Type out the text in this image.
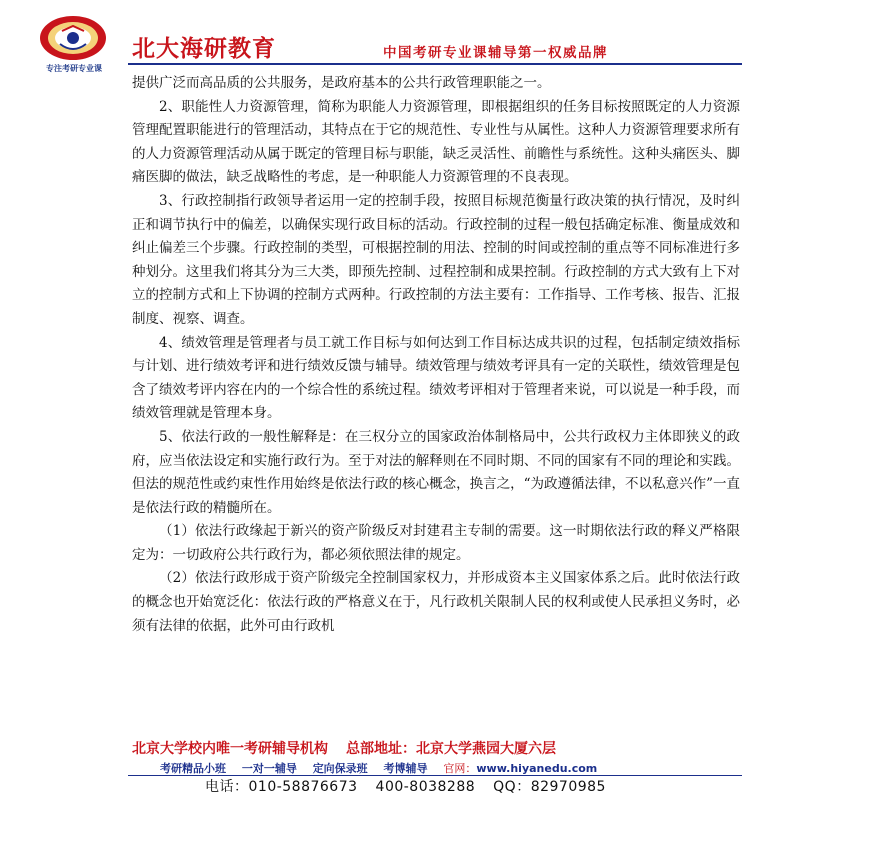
专注考研专业课
北大海研教育	中国考研专业课辅导第一权威品牌

提供广泛而高品质的公共服务，是政府基本的公共行政管理职能之一。

2、职能性人力资源管理，简称为职能人力资源管理，即根据组织的任务目标按照既定的人力资源管理配置职能进行的管理活动，其特点在于它的规范性、专业性与从属性。这种人力资源管理要求所有的人力资源管理活动从属于既定的管理目标与职能，缺乏灵活性、前瞻性与系统性。这种头痛医头、脚痛医脚的做法，缺乏战略性的考虑，是一种职能人力资源管理的不良表现。

3、行政控制指行政领导者运用一定的控制手段，按照目标规范衡量行政决策的执行情况，及时纠正和调节执行中的偏差，以确保实现行政目标的活动。行政控制的过程一般包括确定标准、衡量成效和纠止偏差三个步骤。行政控制的类型，可根据控制的用法、控制的时间或控制的重点等不同标准进行多种划分。这里我们将其分为三大类，即预先控制、过程控制和成果控制。行政控制的方式大致有上下对立的控制方式和上下协调的控制方式两种。行政控制的方法主要有：工作指导、工作考核、报告、汇报制度、视察、调查。

4、绩效管理是管理者与员工就工作目标与如何达到工作目标达成共识的过程，包括制定绩效指标与计划、进行绩效考评和进行绩效反馈与辅导。绩效管理与绩效考评具有一定的关联性，绩效管理是包含了绩效考评内容在内的一个综合性的系统过程。绩效考评相对于管理者来说，可以说是一种手段，而绩效管理就是管理本身。

5、依法行政的一般性解释是：在三权分立的国家政治体制格局中，公共行政权力主体即狭义的政府，应当依法设定和实施行政行为。至于对法的解释则在不同时期、不同的国家有不同的理论和实践。但法的规范性或约束性作用始终是依法行政的核心概念，换言之，“为政遵循法律，不以私意兴作”一直是依法行政的精髓所在。

（1）依法行政缘起于新兴的资产阶级反对封建君主专制的需要。这一时期依法行政的释义严格限定为：一切政府公共行政行为，都必须依照法律的规定。

（2）依法行政形成于资产阶级完全控制国家权力，并形成资本主义国家体系之后。此时依法行政的概念也开始宽泛化：依法行政的严格意义在于，凡行政机关限制人民的权利或使人民承担义务时，必须有法律的依据，此外可由行政机

北京大学校内唯一考研辅导机构 总部地址：北京大学燕园大厦六层
考研精品小班 一对一辅导 定向保录班 考博辅导 官网：www.hiyanedu.com
电话：010-58876673 400-8038288 QQ：82970985
